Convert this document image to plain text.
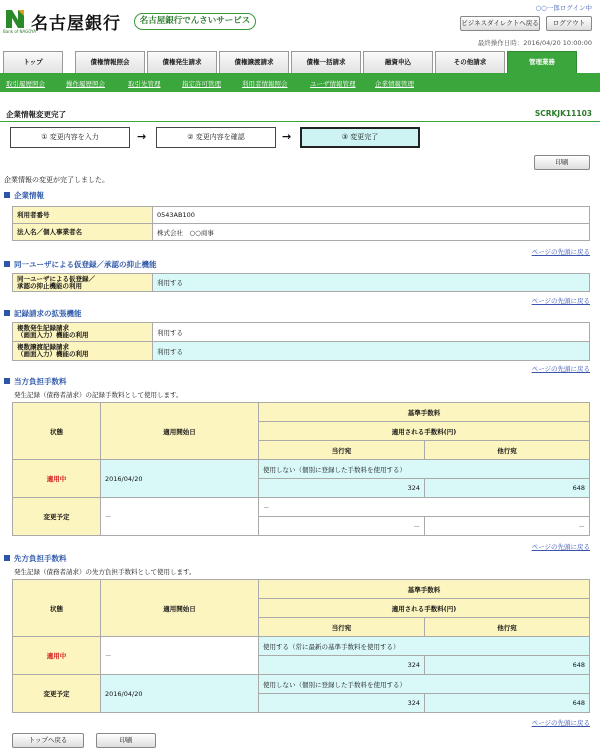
Bank of NAGOYA
名古屋銀行	名古屋銀行でんさいサービス
○○一郎ログイン中
ビジネスダイレクトへ戻る	ログアウト
最終操作日時：2016/04/20 10:00:00
トップ	債権情報照会	債権発生請求	債権譲渡請求	債権一括請求	融資申込	その他請求	管理業務
取引履歴照会	操作履歴照会	取引先管理	指定許可管理	利用者情報照会	ユーザ情報管理	企業情報管理
企業情報変更完了	SCRKJK11103
① 変更内容を入力	→	② 変更内容を確認	→	③ 変更完了
印刷
企業情報の変更が完了しました。
企業情報
利用者番号	0543AB100
法人名／個人事業者名	株式会社　○○商事
ページの先頭に戻る
同一ユーザによる仮登録／承認の抑止機能
同一ユーザによる仮登録／
承認の抑止機能の利用	利用する
ページの先頭に戻る
記録請求の拡張機能
複数発生記録請求
（画面入力）機能の利用	利用する
複数譲渡記録請求
（画面入力）機能の利用	利用する
ページの先頭に戻る
当方負担手数料
発生記録（債務者請求）の記録手数料として使用します。
状態	適用開始日	基準手数料	
		適用される手数料(円)	
		当行宛	他行宛
適用中	2016/04/20	使用しない（個別に登録した手数料を使用する）	
		324	648
変更予定	－	－	
		－	－
ページの先頭に戻る
先方負担手数料
発生記録（債務者請求）の先方負担手数料として使用します。
状態	適用開始日	基準手数料	
		適用される手数料(円)	
		当行宛	他行宛
適用中	－	使用する（常に最新の基準手数料を使用する）	
		324	648
変更予定	2016/04/20	使用しない（個別に登録した手数料を使用する）	
		324	648
ページの先頭に戻る
トップへ戻る	印刷
